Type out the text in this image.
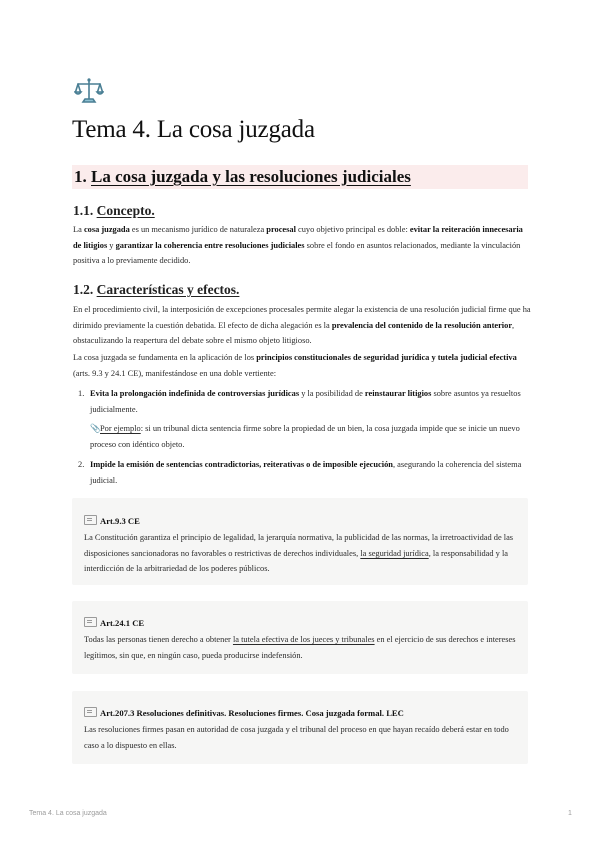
Tema 4. La cosa juzgada
1. La cosa juzgada y las resoluciones judiciales
1.1. Concepto.

La cosa juzgada es un mecanismo jurídico de naturaleza procesal cuyo objetivo principal es doble: evitar la reiteración innecesaria de litigios y garantizar la coherencia entre resoluciones judiciales sobre el fondo en asuntos relacionados, mediante la vinculación positiva a lo previamente decidido.

1.2. Características y efectos.

En el procedimiento civil, la interposición de excepciones procesales permite alegar la existencia de una resolución judicial firme que ha dirimido previamente la cuestión debatida. El efecto de dicha alegación es la prevalencia del contenido de la resolución anterior, obstaculizando la reapertura del debate sobre el mismo objeto litigioso.

La cosa juzgada se fundamenta en la aplicación de los principios constitucionales de seguridad jurídica y tutela judicial efectiva (arts. 9.3 y 24.1 CE), manifestándose en una doble vertiente:

1. Evita la prolongación indefinida de controversias jurídicas y la posibilidad de reinstaurar litigios sobre asuntos ya resueltos judicialmente.
📎Por ejemplo: si un tribunal dicta sentencia firme sobre la propiedad de un bien, la cosa juzgada impide que se inicie un nuevo proceso con idéntico objeto.
2. Impide la emisión de sentencias contradictorias, reiterativas o de imposible ejecución, asegurando la coherencia del sistema judicial.
Art.9.3 CE
La Constitución garantiza el principio de legalidad, la jerarquía normativa, la publicidad de las normas, la irretroactividad de las disposiciones sancionadoras no favorables o restrictivas de derechos individuales, la seguridad jurídica, la responsabilidad y la interdicción de la arbitrariedad de los poderes públicos.
Art.24.1 CE
Todas las personas tienen derecho a obtener la tutela efectiva de los jueces y tribunales en el ejercicio de sus derechos e intereses legítimos, sin que, en ningún caso, pueda producirse indefensión.
Art.207.3 Resoluciones definitivas. Resoluciones firmes. Cosa juzgada formal. LEC
Las resoluciones firmes pasan en autoridad de cosa juzgada y el tribunal del proceso en que hayan recaído deberá estar en todo caso a lo dispuesto en ellas.
Tema 4. La cosa juzgada	1
